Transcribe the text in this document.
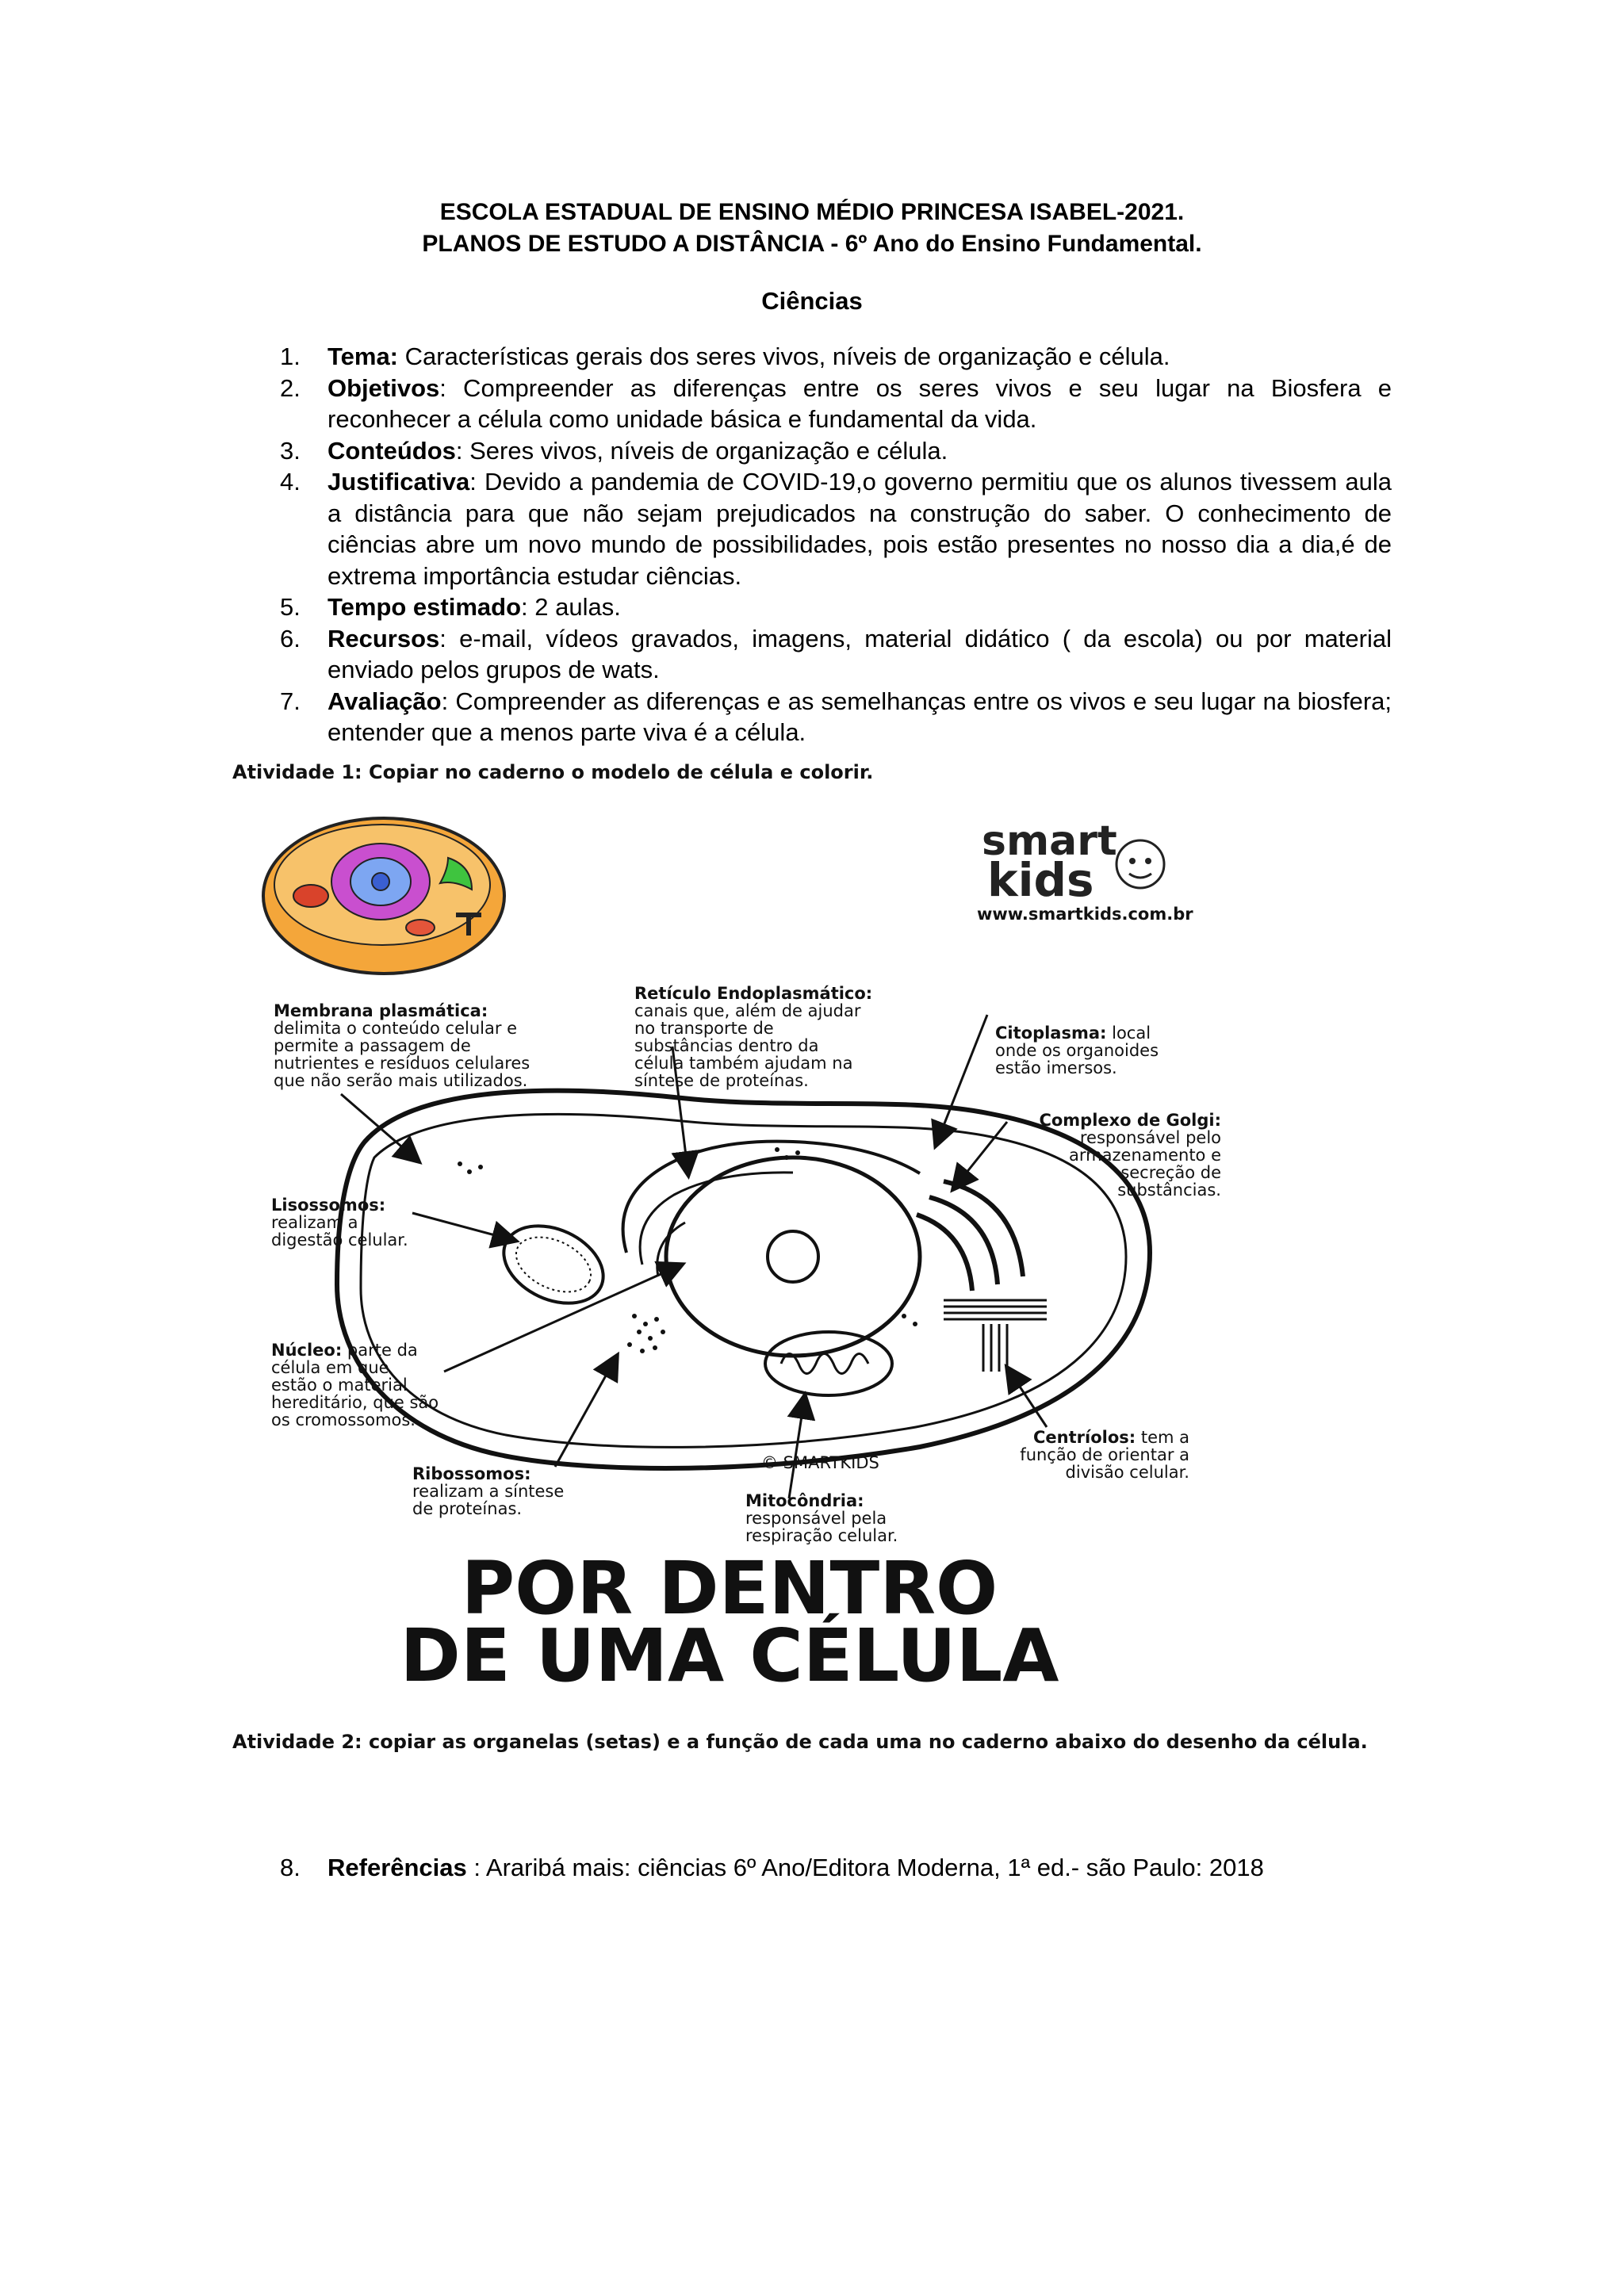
ESCOLA ESTADUAL DE ENSINO MÉDIO PRINCESA ISABEL-2021.
PLANOS DE ESTUDO A DISTÂNCIA - 6º Ano do Ensino Fundamental.
Ciências
1. Tema: Características gerais dos seres vivos, níveis de organização e célula.
2. Objetivos: Compreender as diferenças entre os seres vivos e seu lugar na Biosfera e reconhecer a célula como unidade básica e fundamental da vida.
3. Conteúdos: Seres vivos, níveis de organização e célula.
4. Justificativa: Devido a pandemia de COVID-19,o governo permitiu que os alunos tivessem aula a distância para que não sejam prejudicados na construção do saber. O conhecimento de ciências abre um novo mundo de possibilidades, pois estão presentes no nosso dia a dia,é de extrema importância estudar ciências.
5. Tempo estimado: 2 aulas.
6. Recursos: e-mail, vídeos gravados, imagens, material didático ( da escola) ou por material enviado pelos grupos de wats.
7. Avaliação: Compreender as diferenças e as semelhanças entre os vivos e seu lugar na biosfera; entender que a menos parte viva é a célula.
Atividade 1: Copiar no caderno o modelo de célula e colorir.
smart
kids
www.smartkids.com.br
Membrana plasmática:
delimita o conteúdo celular e
permite a passagem de
nutrientes e resíduos celulares
que não serão mais utilizados.
Retículo Endoplasmático:
canais que, além de ajudar
no transporte de
substâncias dentro da
célula também ajudam na
síntese de proteínas.
Citoplasma: local
onde os organoides
estão imersos.
Complexo de Golgi:
responsável pelo
armazenamento e
secreção de
substâncias.
Lisossomos:
realizam a
digestão celular.
Núcleo: parte da
célula em que
estão o material
hereditário, que são
os cromossomos.
Centríolos: tem a
função de orientar a
divisão celular.
© SMARTKIDS
Ribossomos:
realizam a síntese
de proteínas.	Mitocôndria:
responsável pela
respiração celular.
POR DENTRO
DE UMA CÉLULA
Atividade 2: copiar as organelas (setas) e a função de cada uma no caderno abaixo do desenho da célula.
8. Referências : Araribá mais: ciências 6º Ano/Editora Moderna, 1ª ed.- são Paulo: 2018
